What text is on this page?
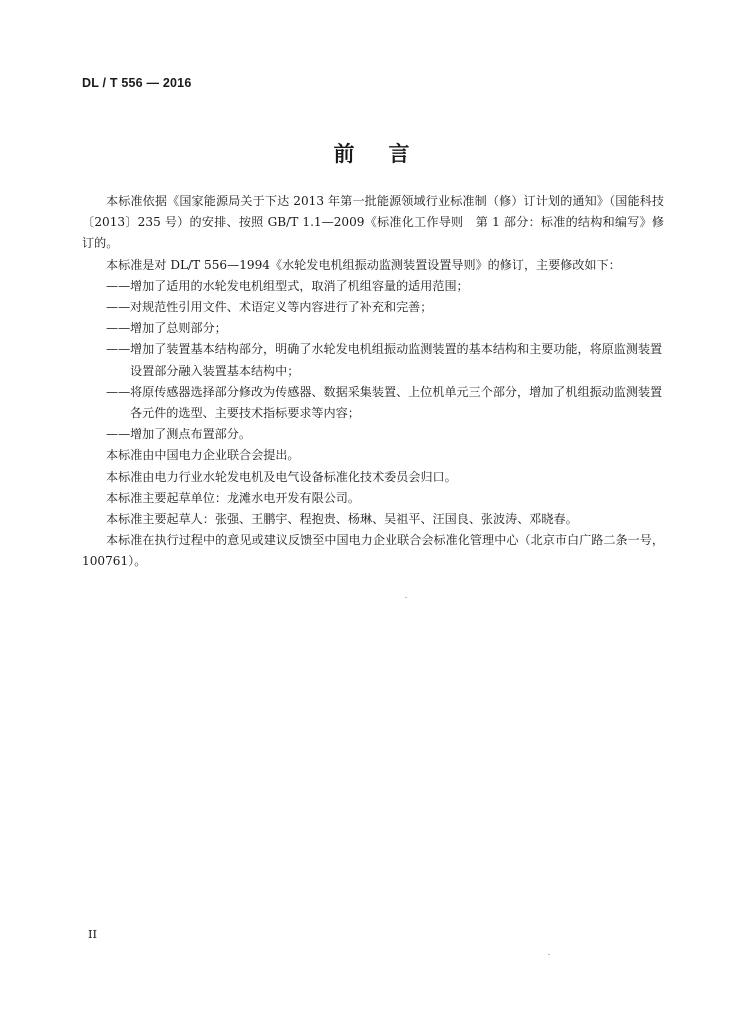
DL / T 556 — 2016
前言

本标准依据《国家能源局关于下达 2013 年第一批能源领域行业标准制（修）订计划的通知》（国能科技〔2013〕235 号）的安排、按照 GB/T 1.1—2009《标准化工作导则　第 1 部分：标准的结构和编写》修订的。

本标准是对 DL/T 556—1994《水轮发电机组振动监测装置设置导则》的修订，主要修改如下：

——增加了适用的水轮发电机组型式，取消了机组容量的适用范围；

——对规范性引用文件、术语定义等内容进行了补充和完善；

——增加了总则部分；

——增加了装置基本结构部分，明确了水轮发电机组振动监测装置的基本结构和主要功能，将原监测装置设置部分融入装置基本结构中；

——将原传感器选择部分修改为传感器、数据采集装置、上位机单元三个部分，增加了机组振动监测装置各元件的选型、主要技术指标要求等内容；

——增加了测点布置部分。

本标准由中国电力企业联合会提出。

本标准由电力行业水轮发电机及电气设备标准化技术委员会归口。

本标准主要起草单位：龙滩水电开发有限公司。

本标准主要起草人：张强、王鹏宇、程抱贵、杨琳、吴祖平、汪国良、张波涛、邓晓春。

本标准在执行过程中的意见或建议反馈至中国电力企业联合会标准化管理中心（北京市白广路二条一号，100761）。

II
